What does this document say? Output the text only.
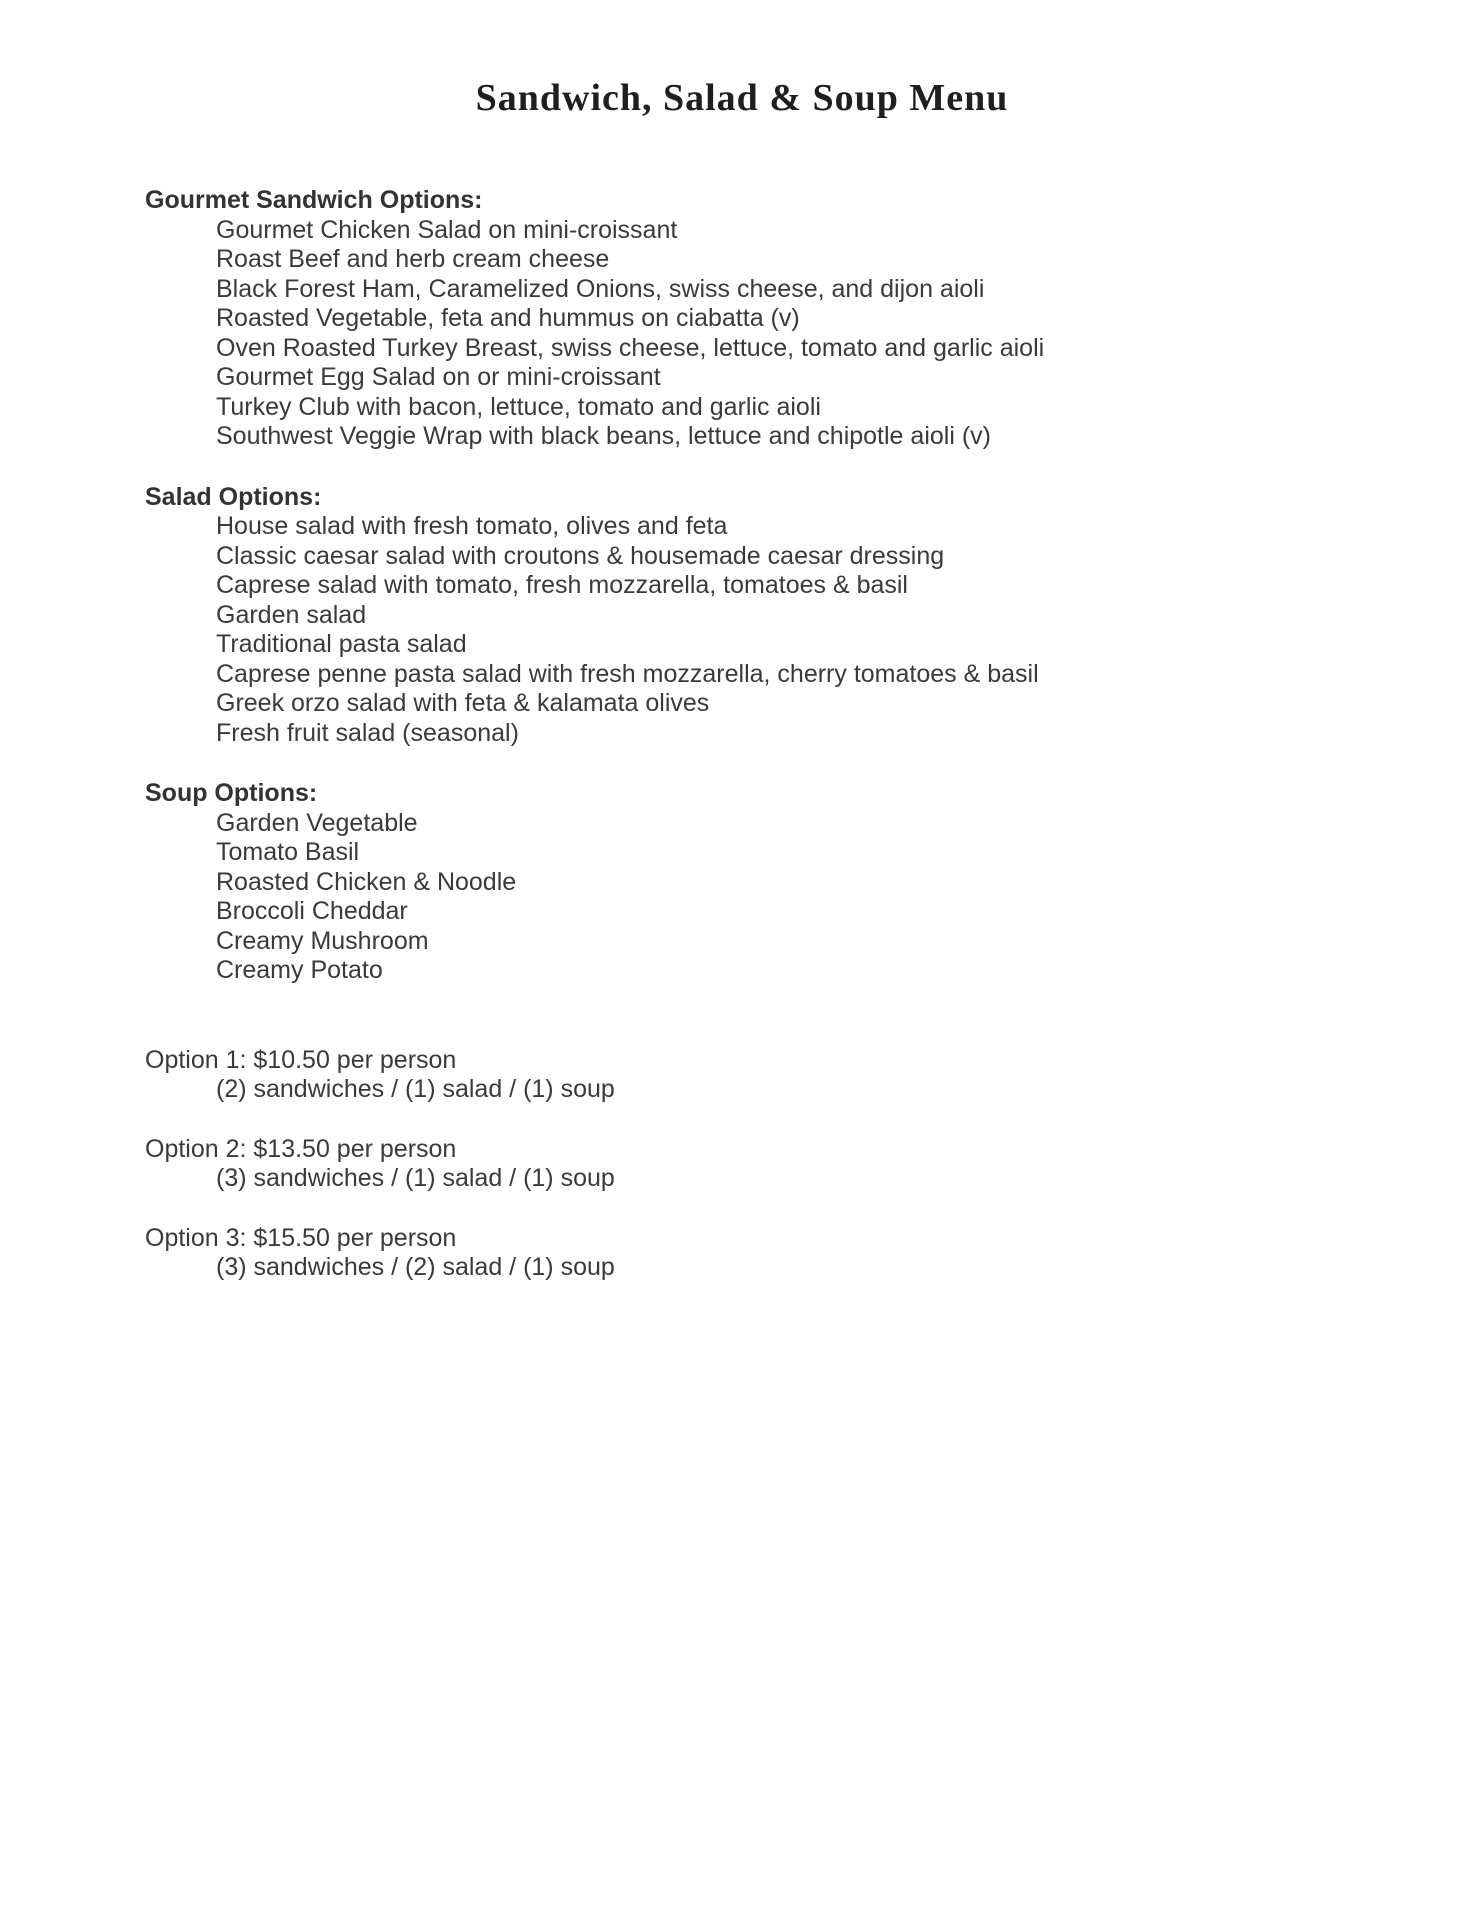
Sandwich, Salad & Soup Menu
Gourmet Sandwich Options:
Gourmet Chicken Salad on mini-croissant
Roast Beef and herb cream cheese
Black Forest Ham, Caramelized Onions, swiss cheese, and dijon aioli
Roasted Vegetable, feta and hummus on ciabatta (v)
Oven Roasted Turkey Breast, swiss cheese, lettuce, tomato and garlic aioli
Gourmet Egg Salad on or mini-croissant
Turkey Club with bacon, lettuce, tomato and garlic aioli
Southwest Veggie Wrap with black beans, lettuce and chipotle aioli (v)
Salad Options:
House salad with fresh tomato, olives and feta
Classic caesar salad with croutons & housemade caesar dressing
Caprese salad with tomato, fresh mozzarella, tomatoes & basil
Garden salad
Traditional pasta salad
Caprese penne pasta salad with fresh mozzarella, cherry tomatoes & basil
Greek orzo salad with feta & kalamata olives
Fresh fruit salad (seasonal)
Soup Options:
Garden Vegetable
Tomato Basil
Roasted Chicken & Noodle
Broccoli Cheddar
Creamy Mushroom
Creamy Potato
Option 1: $10.50 per person
(2) sandwiches / (1) salad / (1) soup
Option 2: $13.50 per person
(3) sandwiches / (1) salad / (1) soup
Option 3: $15.50 per person
(3) sandwiches / (2) salad / (1) soup
